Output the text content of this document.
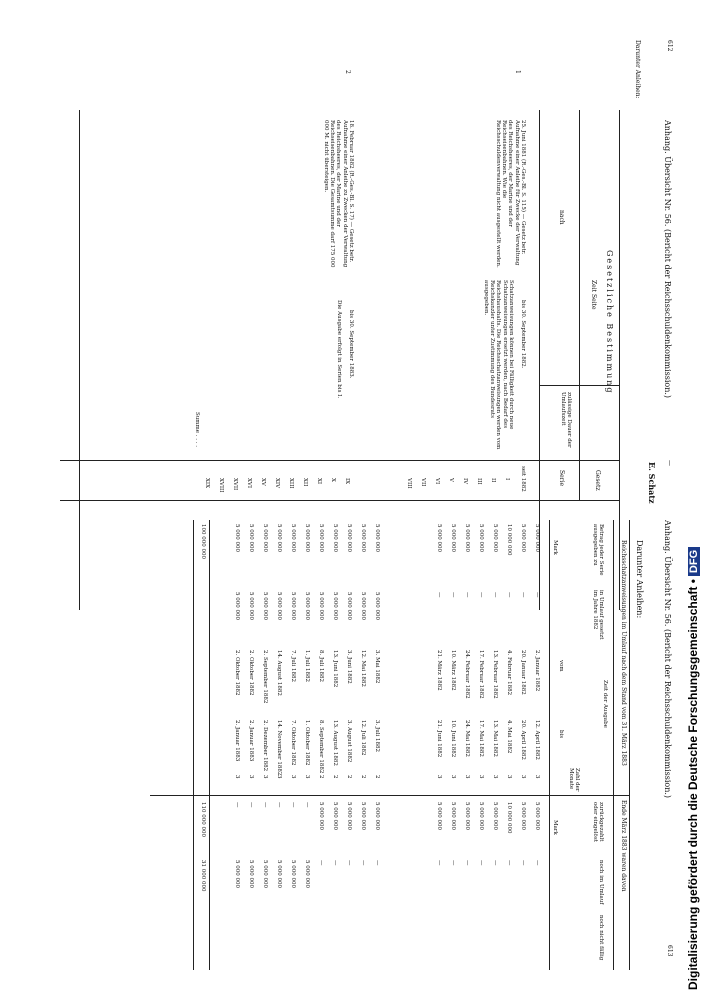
612
Anhang. Übersicht Nr. 56. (Bericht der Reichsschuldenkommission.)
—
E. Schatz
Darunter Anleihen:
Gesetzliche Bestimmung
Zeit Seite
nach
zulässige Dauer der Umlaufszeit
Gesetz
Serie
1
25. Juni 1881 (R.-Ges.-Bl. S. 115) — Gesetz betr. Aufnahme einer Anleihe für Zwecke der Verwaltung des Reichsheeres, der Marine und der Reichseisenbahnen. Wie die Reichsschuldenverwaltung nicht ausgestellt werden.
bis 30. September 1882.
Schatzanweisungen können bei Fälligkeit durch neue Schatzanweisungen ersetzt werden, nach Bedarf des Reichshaushalts. Die Reichsschatzanweisungen werden vom Reichskanzler unter Zustimmung des Bundesrats ausgegeben.
seit 1882
I
II
III
IV
V
VI
VII
VIII
2
18. Februar 1882 (R.-Ges.-Bl. S. 17) — Gesetz betr. Aufnahme einer Anleihe zu Zwecken der Verwaltung des Reichsheeres, der Marine und der Reichseisenbahnen. Die Gesamtsumme darf 175 000 000 M. nicht übersteigen.
bis 30. September 1883.
Die Ausgabe erfolgt in Serien bis I.
IX
X
XI
XII
XIII
XIV
XV
XVI
XVII
XVIII
XIX
Summe . . . .
Anhang. Übersicht Nr. 56. (Bericht der Reichsschuldenkommission.)
613
Darunter Anleihen:
Reichsschatzanweisungen im Umlauf nach dem Stand vom 31. März 1883
Ende März 1883 waren davon
Betrag jeder Serie ausgegeben zu
in Umlauf gesetzt im Jahre 1882
Zeit der Ausgabe
vom
bis
Zahl der Monate
zurückgezahlt oder eingelöst
noch im Umlauf
noch nicht fällig
Mark
Mark
5 000 000
—
2. Januar 1882
12. April 1882
3
5 000 000
—
5 000 000
—
20. Januar 1882
20. April 1882
3
5 000 000
—
10 000 000
—
4. Februar 1882
4. Mai 1882
3
10 000 000
—
5 000 000
—
13. Februar 1882
13. Mai 1882
3
5 000 000
—
5 000 000
—
17. Februar 1882
17. Mai 1882
3
5 000 000
—
5 000 000
—
24. Februar 1882
24. Mai 1882
3
5 000 000
—
5 000 000
—
10. März 1882
10. Juni 1882
3
5 000 000
—
5 000 000
—
21. März 1882
21. Juni 1882
3
5 000 000
—
5 000 000
5 000 000
3. Mai 1882
3. Juli 1882
2
5 000 000
—
5 000 000
5 000 000
12. Mai 1882
12. Juli 1882
2
5 000 000
—
5 000 000
5 000 000
3. Juni 1882
3. August 1882
2
5 000 000
—
5 000 000
5 000 000
13. Juni 1882
13. August 1882
2
5 000 000
—
5 000 000
5 000 000
8. Juli 1882
8. September 1882
2
5 000 000
—
5 000 000
5 000 000
1. Juli 1882
1. Oktober 1882
3
—
5 000 000
5 000 000
5 000 000
7. Juli 1882
7. Oktober 1882
3
—
5 000 000
5 000 000
5 000 000
14. August 1882
14. November 1882
3
—
5 000 000
5 000 000
5 000 000
2. September 1882
2. Dezember 1882
3
—
5 000 000
5 000 000
5 000 000
2. Oktober 1882
2. Januar 1883
3
—
5 000 000
5 000 000
5 000 000
2. Oktober 1882
2. Januar 1883
3
—
5 000 000
100 000 000
110 000 000
31 000 000	Digitalisierung gefördert durch die Deutsche Forschungsgemeinschaft •DFG
